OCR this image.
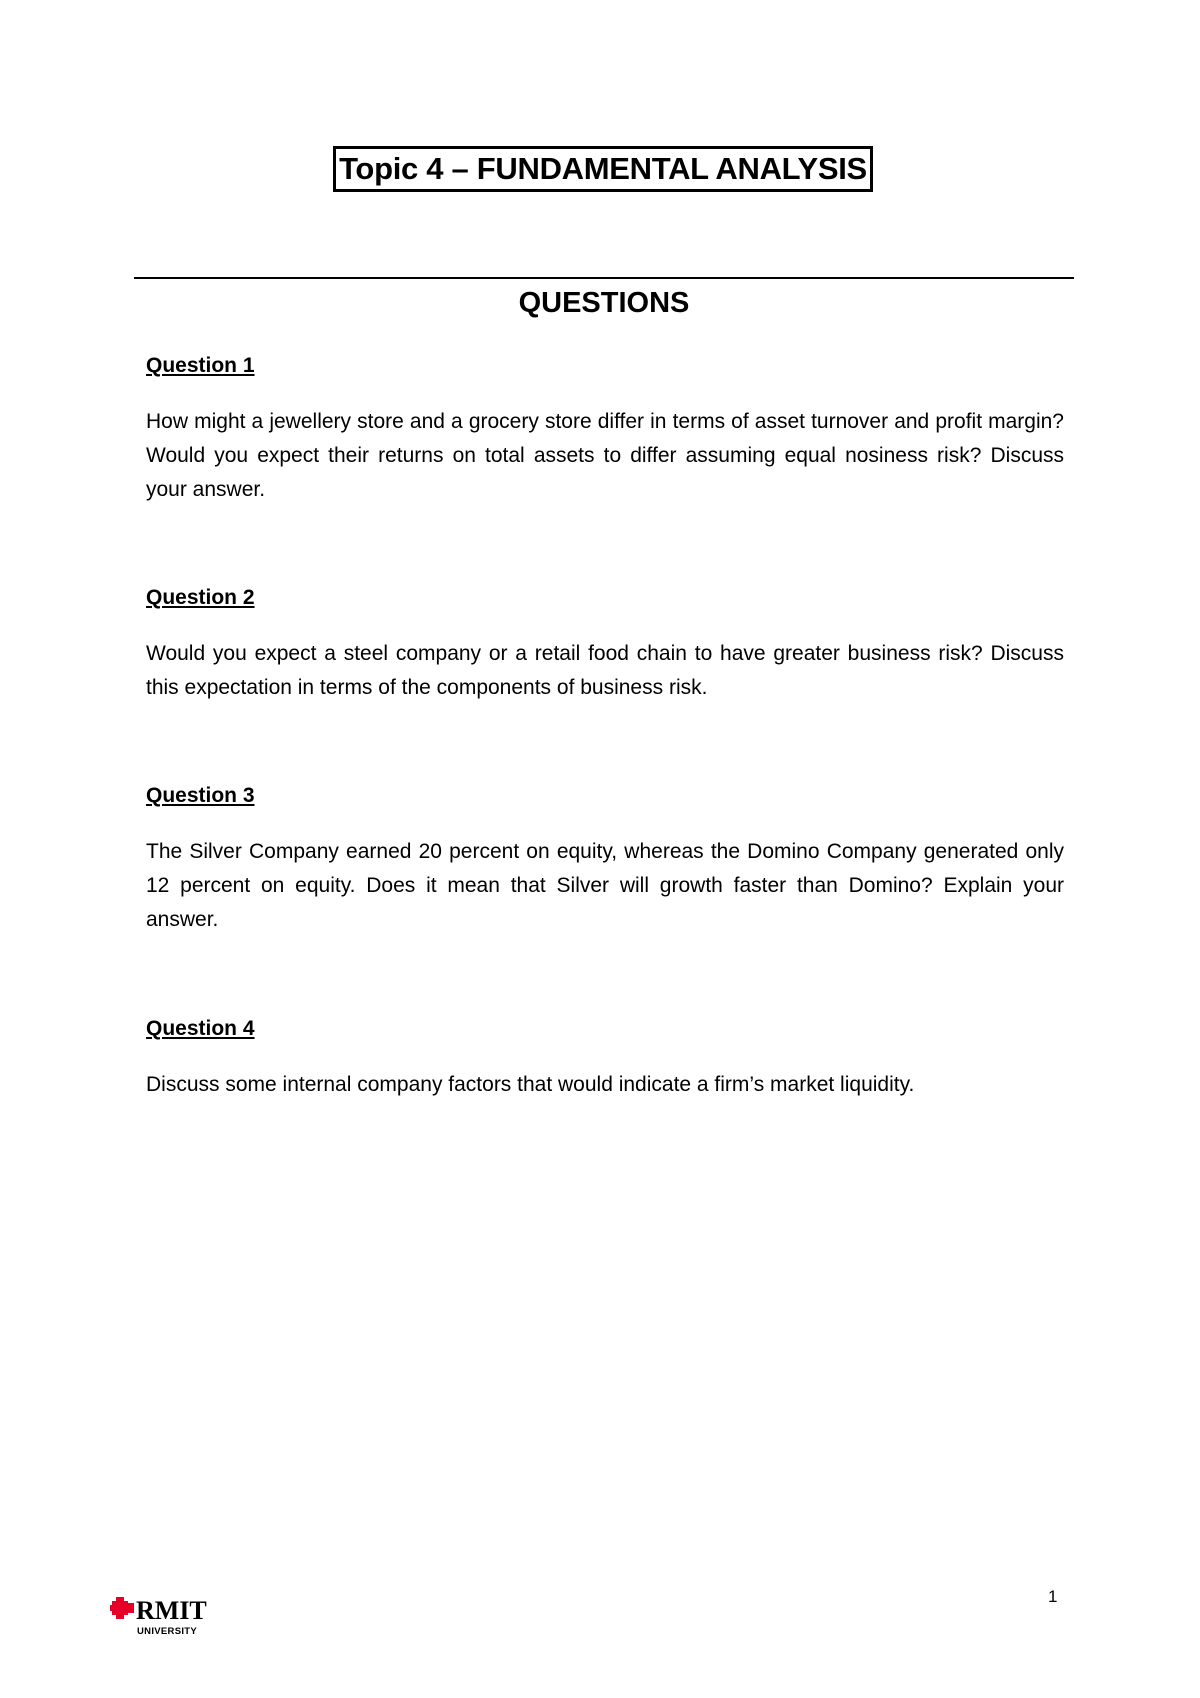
Topic 4 – FUNDAMENTAL ANALYSIS
QUESTIONS
Question 1
How might a jewellery store and a grocery store differ in terms of asset turnover and profit margin? Would you expect their returns on total assets to differ assuming equal nosiness risk? Discuss your answer.
Question 2
Would you expect a steel company or a retail food chain to have greater business risk? Discuss this expectation in terms of the components of business risk.
Question 3
The Silver Company earned 20 percent on equity, whereas the Domino Company generated only 12 percent on equity. Does it mean that Silver will growth faster than Domino? Explain your answer.
Question 4
Discuss some internal company factors that would indicate a firm’s market liquidity.
1
RMIT
UNIVERSITY
